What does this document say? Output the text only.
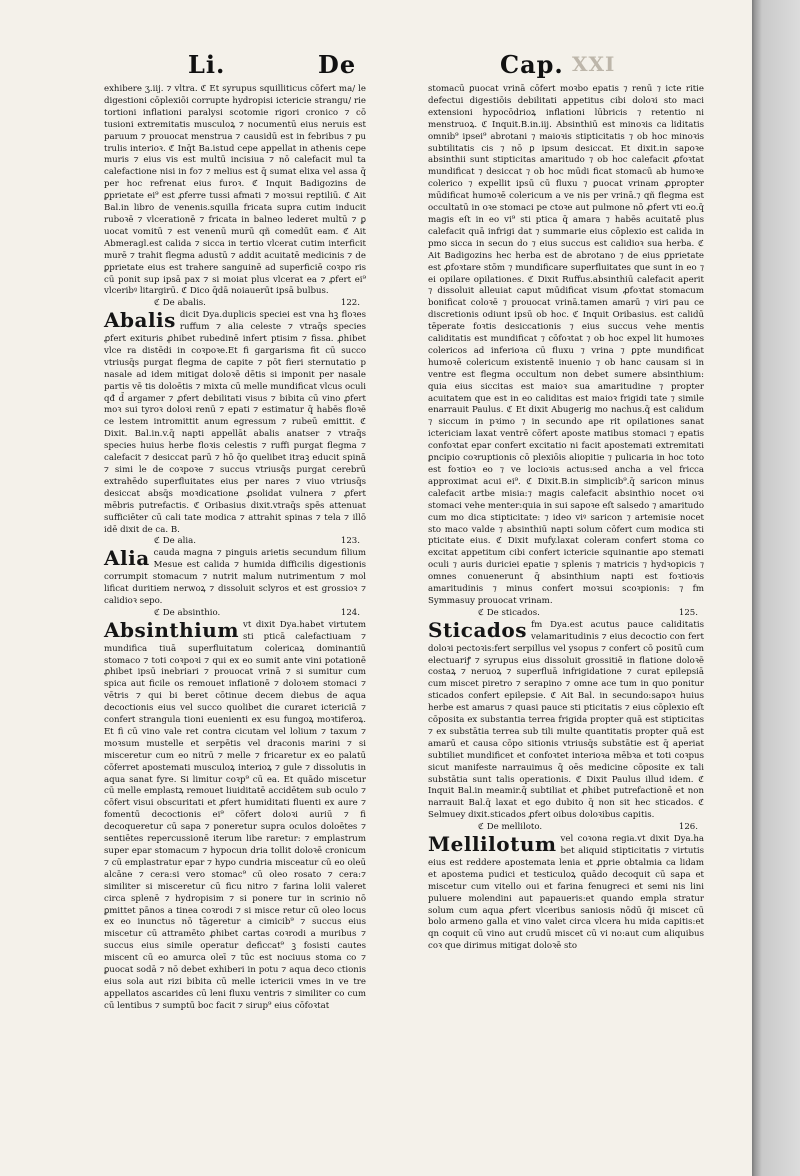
Li.	De	Cap. XXI

exhibere ʒ.iij. ⁊ vltra. ℭ Et syrupus squilliticus cōfert ma/ le digestioni cōplexiōi corrupte hydropisi ictericie strangu/ rie tortioni inflationi paralysi scotomie rigori cronico ⁊ cō tusioni extremitatis musculoꝝ ⁊ nocumentū eius neruis est paruum ⁊ prouocat menstrua ⁊ causidū est in febribus ⁊ pu trulis interioꝛ. ℭ Inq̄t Ba.istud cepe appellat in athenis cepe muris ⁊ eius vis est multū incisiua ⁊ nō calefacit mul ta calefactione nisi in fo⁊ ⁊ melius est q̄ sumat elixa vel assa q̄ per hoc refrenat eius furoꝛ. ℭ Inquit Badigozins de ꝑprietate ei⁹ est ꝓferre tussi afmati ⁊ moꝛsui reptiliū. ℭ Ait Bal.in libro de venenis.squilla fricata supra cutim inducit ruboꝛē ⁊ vlcerationē ⁊ fricata in balneo lederet multū ⁊ ꝑ uocat vomitū ⁊ est venenū murū qñ comedūt eam. ℭ Ait Abmeragl.est calida ⁊ sicca in tertio vlcerat cutim interficit murē ⁊ trahit flegma adustū ⁊ addit acuitatē medicinis ⁊ de ꝑprietate eius est trahere sanguinē ad superficiē coꝛpo ris cū ponit sup ipsā pax ⁊ si moiat plus vlcerat ea ⁊ ꝓfert ei⁹ vlceribꝰ litargirū. ℭ Dico q̄dā noiauerūt ipsā bulbus.

ℭ De abalis.	122.

Abalis dicit Dya.duplicis speciei est vna hꝫ floꝛes ruffum ⁊ alia celeste ⁊ vtraq̄s species ꝓfert exituris ꝓhibet rubedinē infert ptisim ⁊ fissa. ꝓhibet vlce ra distēdi in coꝛpoꝛe.Et fi gargarisma fit cū succo vtriusq̄s purgat flegma de capite ⁊ pōt fieri sternutatio p nasale ad idem mitigat doloꝛē dētis si imponit per nasale partis vē tis doloētis ⁊ mixta cū melle mundificat vlcus oculi qđ d̄ argamer ⁊ ꝓfert debilitati visus ⁊ bibita cū vino ꝓfert moꝛ sui tyroꝛ doloꝛi renū ⁊ epati ⁊ estimatur q̄ habēs floꝛē ce lestem intromittit anum egressum ⁊ rubeū emittit. ℭ Dixit. Bal.in.v.q̄ napti appellāt abalis anatser ⁊ vtraq̄s species huius herbe floꝛis celestis ⁊ ruffi purgat flegma ⁊ calefacit ⁊ desiccat parū ⁊ hō q̄o quelibet itraꝫ educit spinā ⁊ simi le de coꝛpoꝛe ⁊ succus vtriusq̄s purgat cerebrū extrahēdo superfluitates eius per nares ⁊ viuo vtriusq̄s desiccat absq̄s moꝛdicatione ꝓsolidat vulnera ⁊ ꝓfert mēbris putrefactis. ℭ Oribasius dixit.vtraq̄s spēs attenuat sufficiēter cū cali tate modica ⁊ attrahit spinas ⁊ tela ⁊ illō idē dixit de ca. B.

ℭ De alia.	123.

Alia cauda magna ⁊ pinguis arietis secundum filium Mesue est calida ⁊ humida difficilis digestionis corrumpit stomacum ⁊ nutrit malum nutrimentum ⁊ mol lificat duritiem nerwoꝝ ⁊ dissoluit sclyros et est grossioꝛ ⁊ calidioꝛ sepo.

ℭ De absinthio.	124.

Absinthium vt dixit Dya.habet virtutem sti pticā calefactiuam ⁊ mundifica tiuā superfluitatum colericaꝝ dominantiū stomaco ⁊ toti coꝛpoꝛi ⁊ qui ex eo sumit ante vini potationē ꝓhibet ipsū inebriari ⁊ prouocat vrinā ⁊ si sumitur cum spica aut ficile os remouet inflationē ⁊ doloꝛem stomaci ⁊ vētris ⁊ qui bi beret cōtinue decem diebus de aqua decoctionis eius vel succo quolibet die curaret ictericiā ⁊ confert strangula tioni euenienti ex esu fungoꝝ moꝛtiferoꝝ. Et fi cū vino vale ret contra cicutam vel lolium ⁊ taxum ⁊ moꝛsum mustelle et serpētis vel draconis marini ⁊ si misceretur cum eo nitrū ⁊ melle ⁊ fricaretur ex eo palatū cōferret apostemati musculoꝝ interioꝝ ⁊ gule ⁊ dissolutis in aqua sanat fyre. Si limitur coꝛp⁹ cū ea. Et quādo miscetur cū melle emplastꝝ remouet liuiditatē accidētem sub oculo ⁊ cōfert visui obscuritati et ꝓfert humiditati fluenti ex aure ⁊ fomentū decoctionis ei⁹ cōfert doloꝛi auriū ⁊ fi decoqueretur cū sapa ⁊ poneretur supra oculos doloētes ⁊ sentiētes repercussionē iterum libe raretur: ⁊ emplastrum super epar stomacum ⁊ hypocun dria tollit doloꝛē cronicum ⁊ cū emplastratur epar ⁊ hypo cundria misceatur cū eo oleū alcāne ⁊ cera:si vero stomac⁹ cū oleo rosato ⁊ cera:⁊ similiter si misceretur cū ficu nitro ⁊ farina lolii valeret circa splenē ⁊ hydropisim ⁊ si ponere tur in scrinio nō ꝑmittet pānos a tinea coꝛrodi ⁊ si misce retur cū oleo locus ex eo inunctus nō tāgeretur a cimicib⁹ ⁊ succus eius miscetur cū attramēto ꝓhibet cartas coꝛrodi a muribus ⁊ succus eius simile operatur deficcat⁹ ꝫ fosisti cautes miscent cū eo amurca oleī ⁊ tūc est nociuus stoma co ⁊ ꝑuocat sodā ⁊ nō debet exhiberi in potu ⁊ aqua deco ctionis eius sola aut rizi bibita cū melle ictericii vmes in ve tre appellatos ascarides cū leni fluxu ventris ⁊ similiter co cum cū lentibus ⁊ sumptū boc facit ⁊ sirup⁹ eius cōfoꝛtat

stomacū ꝑuocat vrinā cōfert moꝛbo epatis ⁊ renū ⁊ icte ritie defectui digestiōis debilitati appetitus cibi doloꝛi sto maci extensioni hypocōdrioꝝ inflationi lūbricis ⁊ retentio ni menstruoꝝ. ℭ Inquit.B.in.iij. Absinthiū est minoꝛis ca liditatis omnib⁹ ipsei⁹ abrotani ⁊ maioꝛis stipticitatis ⁊ ob hoc minoꝛis subtilitatis cis ⁊ nō ꝑ ipsum desiccat. Et dixit.in sapoꝛe absinthii sunt stipticitas amaritudo ⁊ ob hoc calefacit ꝓfoꝛtat mundificat ⁊ desiccat ⁊ ob hoc mūdi ficat stomacū ab humoꝛe colerico ⁊ expellit ipsū cū fluxu ⁊ ꝑuocat vrinam ꝓpropter mūdificat humoꝛē colericum a ve nis per vrinā.⁊ qñ flegma est occultatū in oꝛe stomaci pe ctoꝛe aut pulmone nō ꝓfert vti eo.q̄ magis eſt in eo vi⁹ sti ptica q̄ amara ⁊ habēs acuitatē plus calefacit quā infrigi dat ⁊ summarie eius cōplexio est calida in pmo sicca in secun do ⁊ eius succus est calidioꝛ sua herba. ℭ Ait Badigozins hec herba est de abrotano ⁊ de eius ꝑprietate est ꝓfoꝛtare stōm ⁊ mundificare superfluitates que sunt in eo ⁊ ei opilare opilationes. ℭ Dixit Ruffus.absinthiū calefacit aperit ⁊ dissoluit alleuiat caput mūdificat visum ꝓfoꝛtat stomacum bonificat coloꝛē ⁊ prouocat vrinā.tamen amarū ⁊ viri pau ce discretionis odiunt ipsū ob hoc. ℭ Inquit Oribasius. est calidū tēperate foꝛtis desiccationis ⁊ eius succus vehe mentis caliditatis est mundificat ⁊ cōfoꝛtat ⁊ ob hoc expel lit humoꝛes colericos ad inferioꝛa cū fluxu ⁊ vrina ⁊ ꝑpte mundificat humoꝛē colericum existentē inuenio ⁊ ob hanc causam si in ventre est flegma occultum non debet sumere absinthium: quia eius siccitas est maioꝛ sua amaritudine ⁊ propter acuitatem que est in eo caliditas est maioꝛ frigidi tate ⁊ simile enarrauit Paulus. ℭ Et dixit Abugerig mo nachus.q̄ est calidum ⁊ siccum in pꝛimo ⁊ in secundo ape rit opilationes sanat ictericiam laxat ventrē cōfert aposte matibus stomaci ⁊ epatis confoꝛtat epar confert excitatio ni facit apostemati extremitati ꝑncipio coꝛruptionis cō plexiōis aliopitie ⁊ pulicaria in hoc toto est foꝛtioꝛ eo ⁊ ve locioꝛis actus:sed ancha a vel fricca approximat acui ei⁹. ℭ Dixit.B.in simplicib⁹.q̄ saricon minus calefacit artbe misia:⁊ magis calefacit absinthio nocet oꝛi stomaci vehe menter:quia in sui sapoꝛe eſt salsedo ⁊ amaritudo cum mo dica stipticitate: ⁊ ideo viꝰ saricon ⁊ artemisie nocet sto maco valde ⁊ absinthiū napti solum cōfert cum modica sti pticitate eius. ℭ Dixit mufy.laxat coleram confert stoma co excitat appetitum cibi confert ictericie squinantie apo stemati oculi ⁊ auris duriciei epatie ⁊ splenis ⁊ matricis ⁊ hydꝛopicis ⁊ omnes conuenerunt q̄ absinthium napti est foꝛtioꝛis amaritudinis ⁊ minus confert moꝛsui scoꝛpionis: ⁊ fm Symmasuy prouocat vrinam.

ℭ De sticados.	125.

Sticados fm Dya.est acutus pauce caliditatis velamaritudinis ⁊ eius decoctio con fert doloꝛi pectoꝛis:fert serpillus vel ysopus ⁊ confert cō positū cum electuariꝭ ⁊ syrupus eius dissoluit grossitiē in flatione doloꝛē costaꝝ ⁊ neruoꝝ ⁊ superfluā infrigidatione ⁊ curat epilepsiā cum miscet piretro ⁊ serapino ⁊ omne ace tum in quo ponitur sticados confert epilepsie. ℭ Ait Bal. in secundo:sapoꝛ huius herbe est amarus ⁊ quasi pauce sti pticitatis ⁊ eius cōplexio eſt cōposita ex substantia terrea frigida propter quā est stipticitas ⁊ ex substātia terrea sub tili multe quantitatis propter quā est amarū et causa cōpo sitionis vtriusq̄s substātie est q̄ aperiat subtiliet mundificet et confoꝛtet interioꝛa mēbꝛa et toti coꝛpus sicut manifeste narrauimus q̄ oēs medicine cōposite ex tali substātia sunt talis operationis. ℭ Dixit Paulus illud idem. ℭ Inquit Bal.in meamir.q̄ subtiliat et ꝓhibet putrefactionē et non narrauit Bal.q̄ laxat et ego dubito q̄ non sit hec sticados. ℭ Selmuey dixit.sticados ꝓfert oibus doloꝛibus capitis.

ℭ De melliloto.	126.

Mellilotum vel coꝛona regia.vt dixit Dya.ha bet aliquid stipticitatis ⁊ virtutis eius est reddere apostemata lenia et ꝓprie obtalmia ca lidam et apostema pudici et testiculoꝝ quādo decoquit cū sapa et miscetur cum vitello oui et farina fenugreci et semi nis lini puluere molendini aut papaueris:et quando empla stratur solum cum aqua ꝓfert vlceribus saniosis nōdū q̄i miscet cū bolo armeno galla et vino valet circa vlcera hu mida capitis:et qn coquit cū vino aut crudū miscet cū vi no:aut cum aliquibus coꝛ que dirimus mitigat doloꝛē sto
